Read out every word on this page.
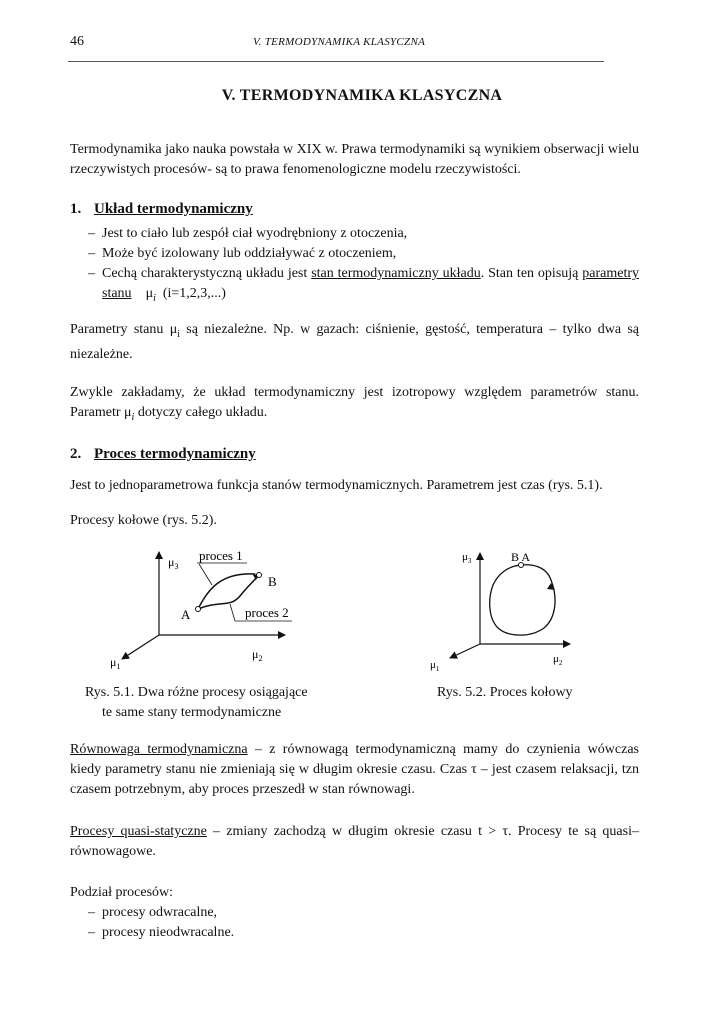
46	V. TERMODYNAMIKA KLASYCZNA
V. TERMODYNAMIKA KLASYCZNA
Termodynamika jako nauka powstała w XIX w. Prawa termodynamiki są wynikiem obserwacji wielu rzeczywistych procesów- są to prawa fenomenologiczne modelu rzeczywistości.
1. Układ termodynamiczny
– Jest to ciało lub zespół ciał wyodrębniony z otoczenia,
– Może być izolowany lub oddziaływać z otoczeniem,
– Cechą charakterystyczną układu jest stan termodynamiczny układu. Stan ten opisują parametry stanu $\mu_i$ (i=1,2,3,...)
Parametry stanu $\mu_i$ są niezależne. Np. w gazach: ciśnienie, gęstość, temperatura – tylko dwa są niezależne.
Zwykle zakładamy, że układ termodynamiczny jest izotropowy względem parametrów stanu.
Parametr $\mu_i$ dotyczy całego układu.
2. Proces termodynamiczny
Jest to jednoparametrowa funkcja stanów termodynamicznych. Parametrem jest czas (rys. 5.1).
Procesy kołowe (rys. 5.2).
$\mu_3$
$\mu_2$
$\mu_1$
A
B
proces 1
proces 2
Rys. 5.1. Dwa różne procesy osiągające
te same stany termodynamiczne
$\mu_3$
$\mu_2$
$\mu_1$
B A
Rys. 5.2. Proces kołowy
Równowaga termodynamiczna – z równowagą termodynamiczną mamy do czynienia wówczas kiedy parametry stanu nie zmieniają się w długim okresie czasu. Czas τ – jest czasem relaksacji, tzn czasem potrzebnym, aby proces przeszedł w stan równowagi.
Procesy quasi-statyczne – zmiany zachodzą w długim okresie czasu t > τ. Procesy te są quasi–równowagowe.
Podział procesów:
– procesy odwracalne,
– procesy nieodwracalne.
